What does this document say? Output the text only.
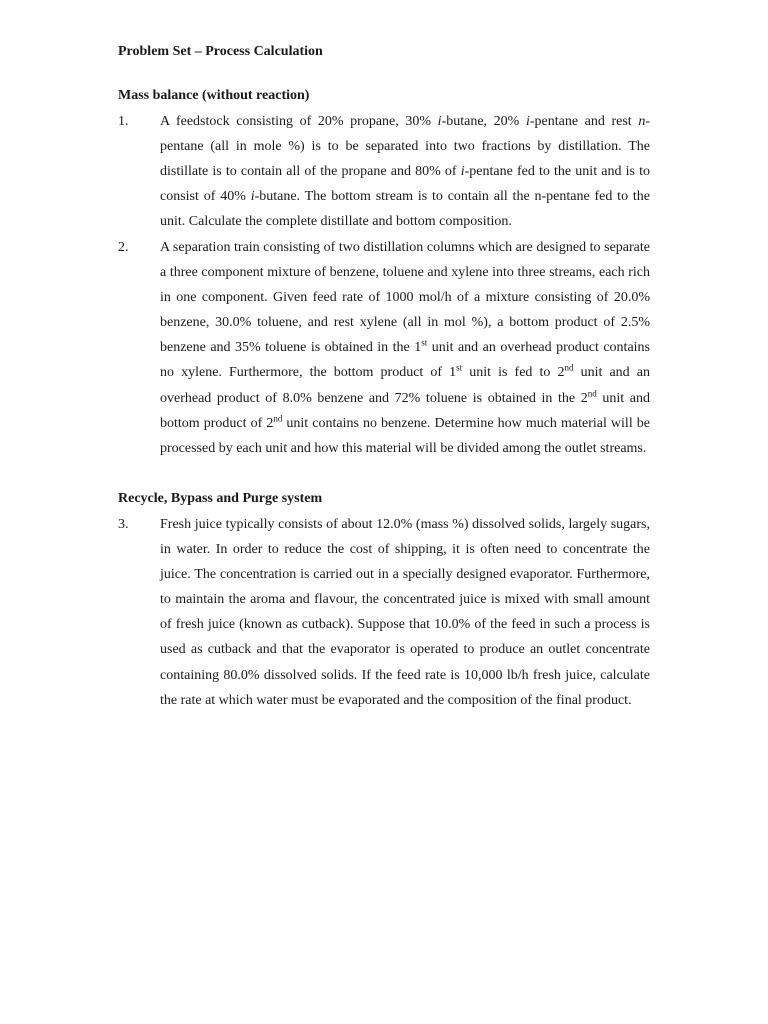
Problem Set – Process Calculation
Mass balance (without reaction)
1.	A feedstock consisting of 20% propane, 30% i-butane, 20% i-pentane and rest n-pentane (all in mole %) is to be separated into two fractions by distillation. The distillate is to contain all of the propane and 80% of i-pentane fed to the unit and is to consist of 40% i-butane. The bottom stream is to contain all the n-pentane fed to the unit. Calculate the complete distillate and bottom composition.
2.	A separation train consisting of two distillation columns which are designed to separate a three component mixture of benzene, toluene and xylene into three streams, each rich in one component. Given feed rate of 1000 mol/h of a mixture consisting of 20.0% benzene, 30.0% toluene, and rest xylene (all in mol %), a bottom product of 2.5% benzene and 35% toluene is obtained in the 1st unit and an overhead product contains no xylene. Furthermore, the bottom product of 1st unit is fed to 2nd unit and an overhead product of 8.0% benzene and 72% toluene is obtained in the 2nd unit and bottom product of 2nd unit contains no benzene. Determine how much material will be processed by each unit and how this material will be divided among the outlet streams.
Recycle, Bypass and Purge system
3.	Fresh juice typically consists of about 12.0% (mass %) dissolved solids, largely sugars, in water. In order to reduce the cost of shipping, it is often need to concentrate the juice. The concentration is carried out in a specially designed evaporator. Furthermore, to maintain the aroma and flavour, the concentrated juice is mixed with small amount of fresh juice (known as cutback). Suppose that 10.0% of the feed in such a process is used as cutback and that the evaporator is operated to produce an outlet concentrate containing 80.0% dissolved solids. If the feed rate is 10,000 lb/h fresh juice, calculate the rate at which water must be evaporated and the composition of the final product.
